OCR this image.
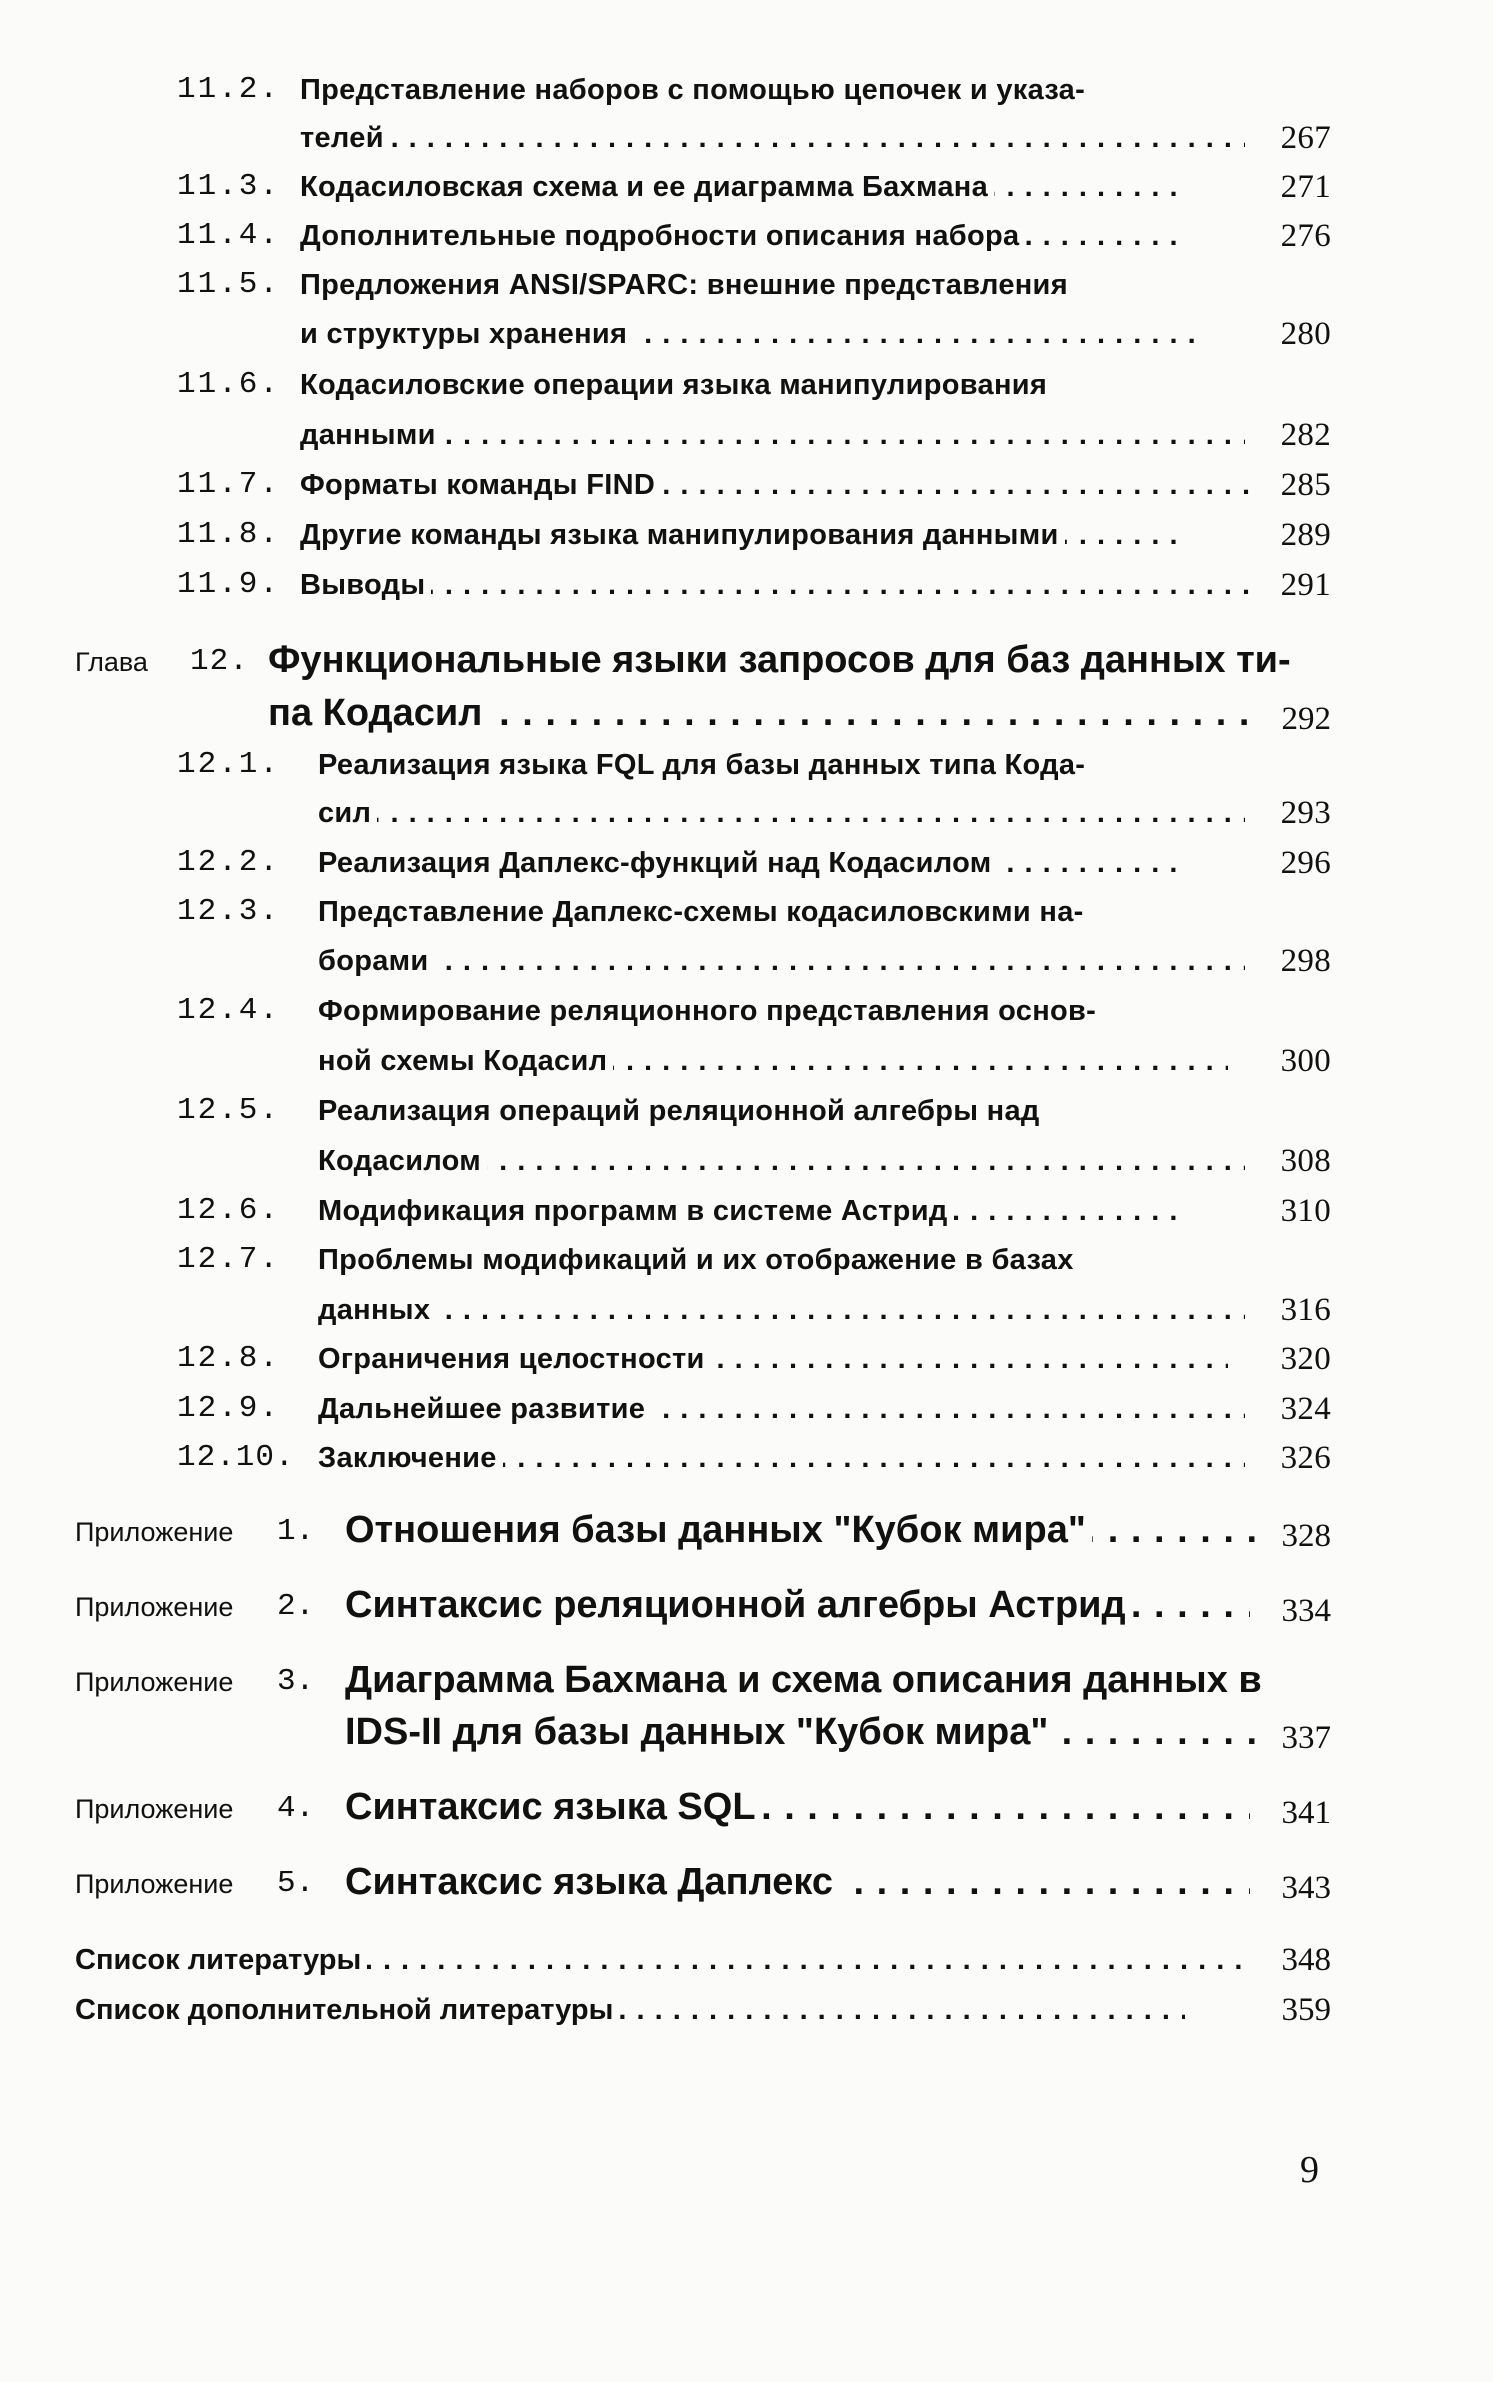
11.2. Представление наборов с помощью цепочек и указа-
телей . . .	267
11.3. Кодасиловская схема и ее диаграмма Бахмана . . .	271
11.4. Дополнительные подробности описания набора . . .	276
11.5. Предложения ANSI/SPARC: внешние представления
и структуры хранения . . .	280
11.6. Кодасиловские операции языка манипулирования
данными . . .	282
11.7. Форматы команды FIND . . .	285
11.8. Другие команды языка манипулирования данными . . .	289
11.9. Выводы . . .	291
Глава 12. Функциональные языки запросов для баз данных ти-
па Кодасил . . .	292
12.1. Реализация языка FQL для базы данных типа Кода-
сил . . .	293
12.2. Реализация Даплекс-функций над Кодасилом . . .	296
12.3. Представление Даплекс-схемы кодасиловскими на-
борами . . .	298
12.4. Формирование реляционного представления основ-
ной схемы Кодасил . . .	300
12.5. Реализация операций реляционной алгебры над
Кодасилом . . .	308
12.6. Модификация программ в системе Астрид . . .	310
12.7. Проблемы модификаций и их отображение в базах
данных . . .	316
12.8. Ограничения целостности . . .	320
12.9. Дальнейшее развитие . . .	324
12.10. Заключение . . .	326
Приложение 1. Отношения базы данных "Кубок мира" . . .	328
Приложение 2. Синтаксис реляционной алгебры Астрид . . .	334
Приложение 3. Диаграмма Бахмана и схема описания данных в
IDS-II для базы данных "Кубок мира" . . .	337
Приложение 4. Синтаксис языка SQL . . .	341
Приложение 5. Синтаксис языка Даплекс . . .	343
Список литературы . . .	348
Список дополнительной литературы . . .	359
9
